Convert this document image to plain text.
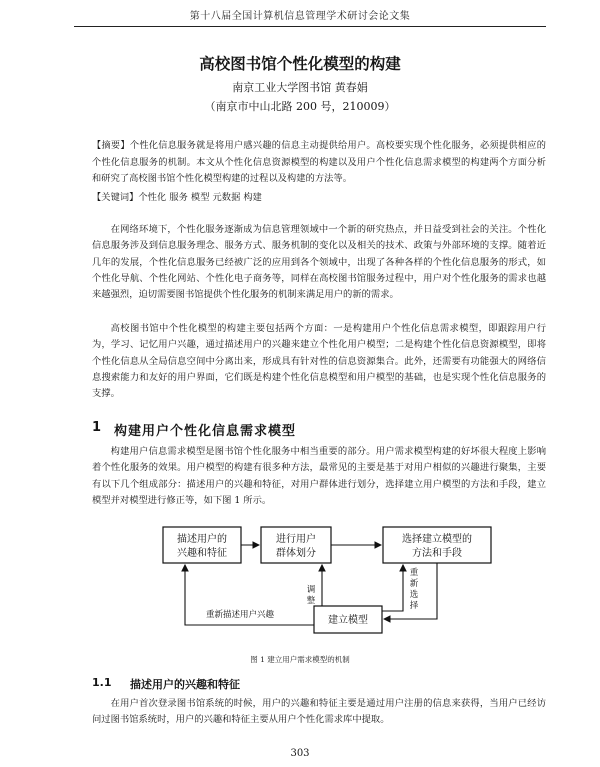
第十八届全国计算机信息管理学术研讨会论文集
高校图书馆个性化模型的构建
南京工业大学图书馆 黄春娟
（南京市中山北路 200 号，210009）
【摘要】个性化信息服务就是将用户感兴趣的信息主动提供给用户。高校要实现个性化服务，必须提供相应的个性化信息服务的机制。本文从个性化信息资源模型的构建以及用户个性化信息需求模型的构建两个方面分析和研究了高校图书馆个性化模型构建的过程以及构建的方法等。
【关键词】个性化 服务 模型 元数据 构建

在网络环境下，个性化服务逐渐成为信息管理领域中一个新的研究热点，并日益受到社会的关注。个性化信息服务涉及到信息服务理念、服务方式、服务机制的变化以及相关的技术、政策与外部环境的支撑。随着近几年的发展，个性化信息服务已经被广泛的应用到各个领域中，出现了各种各样的个性化信息服务的形式，如个性化导航、个性化网站、个性化电子商务等，同样在高校图书馆服务过程中，用户对个性化服务的需求也越来越强烈，迫切需要图书馆提供个性化服务的机制来满足用户的新的需求。

高校图书馆中个性化模型的构建主要包括两个方面：一是构建用户个性化信息需求模型，即跟踪用户行为，学习、记忆用户兴趣，通过描述用户的兴趣来建立个性化用户模型；二是构建个性化信息资源模型，即将个性化信息从全局信息空间中分离出来，形成具有针对性的信息资源集合。此外，还需要有功能强大的网络信息搜索能力和友好的用户界面，它们既是构建个性化信息模型和用户模型的基础，也是实现个性化信息服务的支撑。

1 构建用户个性化信息需求模型

构建用户信息需求模型是图书馆个性化服务中相当重要的部分。用户需求模型构建的好坏很大程度上影响着个性化服务的效果。用户模型的构建有很多种方法，最常见的主要是基于对用户相似的兴趣进行聚集，主要有以下几个组成部分：描述用户的兴趣和特征，对用户群体进行划分，选择建立用户模型的方法和手段，建立模型并对模型进行修正等，如下图 1 所示。

描述用户的
兴趣和特征
进行用户
群体划分
选择建立模型的
方法和手段
建立模型
重新描述用户兴趣
调
整
重
新
选
择
图 1 建立用户需求模型的机制
1.1 描述用户的兴趣和特征

在用户首次登录图书馆系统的时候，用户的兴趣和特征主要是通过用户注册的信息来获得，当用户已经访问过图书馆系统时，用户的兴趣和特征主要从用户个性化需求库中提取。

303
